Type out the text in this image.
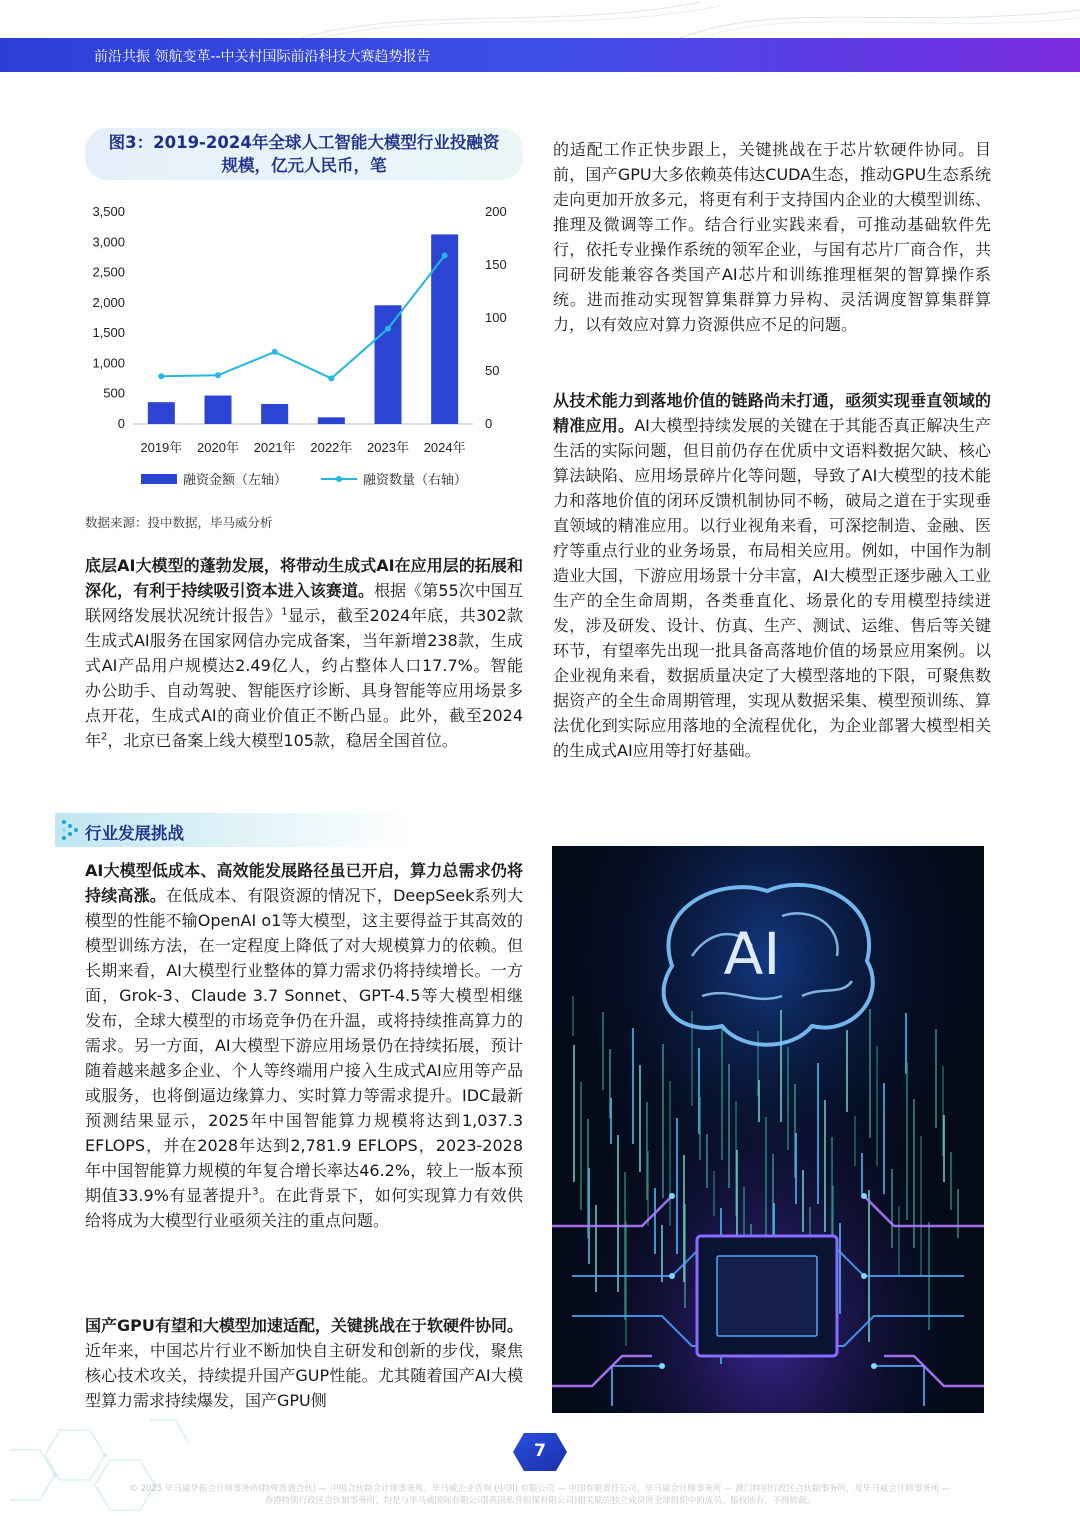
前沿共振 领航变革--中关村国际前沿科技大赛趋势报告
图3：2019-2024年全球人工智能大模型行业投融资
规模，亿元人民币，笔
0
500
1,000
1,500
2,000
2,500
3,000
3,500
0
50
100
150
200
2019年 2020年 2021年 2022年 2023年 2024年
融资金额（左轴）	融资数量（右轴）
数据来源：投中数据，毕马威分析

底层AI大模型的蓬勃发展，将带动生成式AI在应用层的拓展和深化，有利于持续吸引资本进入该赛道。根据《第55次中国互联网络发展状况统计报告》$^1$显示，截至2024年底，共302款生成式AI服务在国家网信办完成备案，当年新增238款，生成式AI产品用户规模达2.49亿人，约占整体人口17.7%。智能办公助手、自动驾驶、智能医疗诊断、具身智能等应用场景多点开花，生成式AI的商业价值正不断凸显。此外，截至2024年$^2$，北京已备案上线大模型105款，稳居全国首位。

行业发展挑战

AI大模型低成本、高效能发展路径虽已开启，算力总需求仍将持续高涨。在低成本、有限资源的情况下，DeepSeek系列大模型的性能不输OpenAI o1等大模型，这主要得益于其高效的模型训练方法，在一定程度上降低了对大规模算力的依赖。但长期来看，AI大模型行业整体的算力需求仍将持续增长。一方面，Grok-3、Claude 3.7 Sonnet、GPT-4.5等大模型相继发布，全球大模型的市场竞争仍在升温，或将持续推高算力的需求。另一方面，AI大模型下游应用场景仍在持续拓展，预计随着越来越多企业、个人等终端用户接入生成式AI应用等产品或服务，也将倒逼边缘算力、实时算力等需求提升。IDC最新预测结果显示，2025年中国智能算力规模将达到1,037.3 EFLOPS，并在2028年达到2,781.9 EFLOPS，2023-2028年中国智能算力规模的年复合增长率达46.2%，较上一版本预期值33.9%有显著提升$^3$。在此背景下，如何实现算力有效供给将成为大模型行业亟须关注的重点问题。

国产GPU有望和大模型加速适配，关键挑战在于软硬件协同。近年来，中国芯片行业不断加快自主研发和创新的步伐，聚焦核心技术攻关，持续提升国产GUP性能。尤其随着国产AI大模型算力需求持续爆发，国产GPU侧

的适配工作正快步跟上，关键挑战在于芯片软硬件协同。目前，国产GPU大多依赖英伟达CUDA生态，推动GPU生态系统走向更加开放多元，将更有利于支持国内企业的大模型训练、推理及微调等工作。结合行业实践来看，可推动基础软件先行，依托专业操作系统的领军企业，与国有芯片厂商合作，共同研发能兼容各类国产AI芯片和训练推理框架的智算操作系统。进而推动实现智算集群算力异构、灵活调度智算集群算力，以有效应对算力资源供应不足的问题。

从技术能力到落地价值的链路尚未打通，亟须实现垂直领域的精准应用。AI大模型持续发展的关键在于其能否真正解决生产生活的实际问题，但目前仍存在优质中文语料数据欠缺、核心算法缺陷、应用场景碎片化等问题，导致了AI大模型的技术能力和落地价值的闭环反馈机制协同不畅，破局之道在于实现垂直领域的精准应用。以行业视角来看，可深挖制造、金融、医疗等重点行业的业务场景，布局相关应用。例如，中国作为制造业大国，下游应用场景十分丰富，AI大模型正逐步融入工业生产的全生命周期，各类垂直化、场景化的专用模型持续迸发，涉及研发、设计、仿真、生产、测试、运维、售后等关键环节，有望率先出现一批具备高落地价值的场景应用案例。以企业视角来看，数据质量决定了大模型落地的下限，可聚焦数据资产的全生命周期管理，实现从数据采集、模型预训练、算法优化到实际应用落地的全流程优化，为企业部署大模型相关的生成式AI应用等打好基础。

AI
7
© 2025 毕马威华振会计师事务所(特殊普通合伙) — 中国合伙制会计师事务所，毕马威企业咨询 (中国) 有限公司 — 中国有限责任公司，毕马威会计师事务所 — 澳门特别行政区合伙制事务所，及毕马威会计师事务所 —
香港特别行政区合伙制事务所，均是与毕马威国际有限公司(英国私营担保有限公司)相关联的独立成员所全球组织中的成员。版权所有，不得转载。
